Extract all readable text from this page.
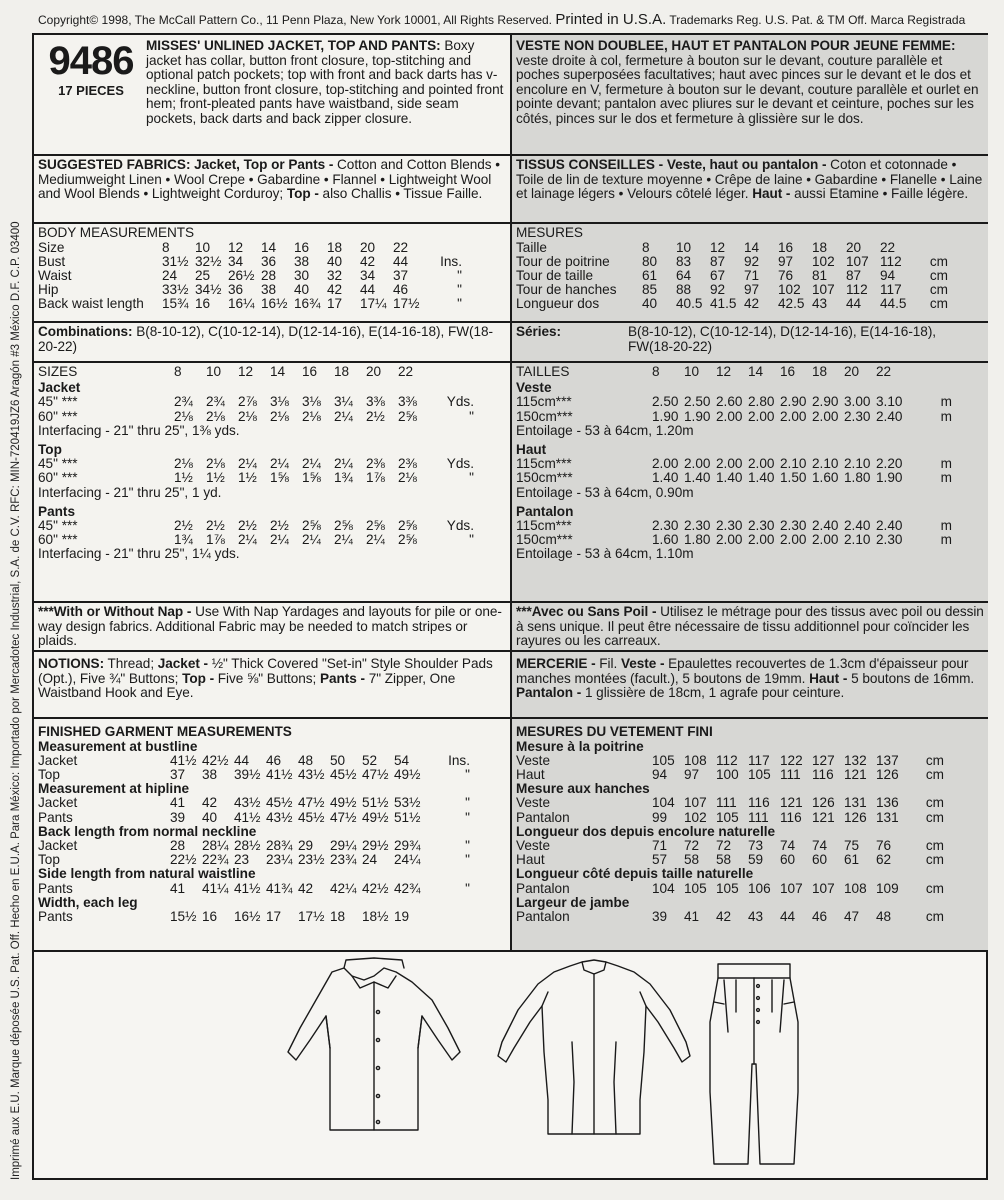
Copyright© 1998, The McCall Pattern Co., 11 Penn Plaza, New York 10001, All Rights Reserved. Printed in U.S.A. Trademarks Reg. U.S. Pat. & TM Off. Marca Registrada
Imprimé aux E.U. Marque déposée U.S. Pat. Off. Hecho en E.U.A. Para México: Importado por Mercadotec Industrial, S.A. de C.V. RFC: MIN-720419JZ6 Aragón #3 México D.F. C.P. 03400
9486
17 PIECES
MISSES' UNLINED JACKET, TOP AND PANTS: Boxy jacket has collar, button front closure, top-stitching and optional patch pockets; top with front and back darts has v-neckline, button front closure, top-stitching and pointed front hem; front-pleated pants have waistband, side seam pockets, back darts and back zipper closure.
SUGGESTED FABRICS: Jacket, Top or Pants - Cotton and Cotton Blends • Mediumweight Linen • Wool Crepe • Gabardine • Flannel • Lightweight Wool and Wool Blends • Lightweight Corduroy; Top - also Challis • Tissue Faille.
BODY MEASUREMENTS
Size	8	10	12	14	16	18	20	22	
Bust	31½	32½	34	36	38	40	42	44	Ins.
Waist	24	25	26½	28	30	32	34	37	"
Hip	33½	34½	36	38	40	42	44	46	"
Back waist length	15¾	16	16¼	16½	16¾	17	17¼	17½	"
Combinations: B(8-10-12), C(10-12-14), D(12-14-16), E(14-16-18), FW(18-20-22)
SIZES	8	10	12	14	16	18	20	22	

Jacket									
45" ***	2¾	2¾	2⅞	3⅛	3⅛	3¼	3⅜	3⅜	Yds.
60" ***	2⅛	2⅛	2⅛	2⅛	2⅛	2¼	2½	2⅝	"
Interfacing - 21" thru 25", 1⅜ yds.									

Top									
45" ***	2⅛	2⅛	2¼	2¼	2¼	2¼	2⅜	2⅜	Yds.
60" ***	1½	1½	1½	1⅝	1⅝	1¾	1⅞	2⅛	"
Interfacing - 21" thru 25", 1 yd.									

Pants									
45" ***	2½	2½	2½	2½	2⅝	2⅝	2⅝	2⅝	Yds.
60" ***	1¾	1⅞	2¼	2¼	2¼	2¼	2¼	2⅝	"
Interfacing - 21" thru 25", 1¼ yds.									
***With or Without Nap - Use With Nap Yardages and layouts for pile or one-way design fabrics. Additional Fabric may be needed to match stripes or plaids.
NOTIONS: Thread; Jacket - ½" Thick Covered "Set-in" Style Shoulder Pads (Opt.), Five ¾" Buttons; Top - Five ⅝" Buttons; Pants - 7" Zipper, One Waistband Hook and Eye.
FINISHED GARMENT MEASUREMENTS
Measurement at bustline									
Jacket	41½	42½	44	46	48	50	52	54	Ins.
Top	37	38	39½	41½	43½	45½	47½	49½	"
Measurement at hipline									
Jacket	41	42	43½	45½	47½	49½	51½	53½	"
Pants	39	40	41½	43½	45½	47½	49½	51½	"
Back length from normal neckline									
Jacket	28	28¼	28½	28¾	29	29¼	29½	29¾	"
Top	22½	22¾	23	23¼	23½	23¾	24	24¼	"
Side length from natural waistline									
Pants	41	41¼	41½	41¾	42	42¼	42½	42¾	"
Width, each leg									
Pants	15½	16	16½	17	17½	18	18½	19	
VESTE NON DOUBLEE, HAUT ET PANTALON POUR JEUNE FEMME: veste droite à col, fermeture à bouton sur le devant, couture parallèle et poches superposées facultatives; haut avec pinces sur le devant et le dos et encolure en V, fermeture à bouton sur le devant, couture parallèle et ourlet en pointe devant; pantalon avec pliures sur le devant et ceinture, poches sur les côtés, pinces sur le dos et fermeture à glissière sur le dos.
TISSUS CONSEILLES - Veste, haut ou pantalon - Coton et cotonnade • Toile de lin de texture moyenne • Crêpe de laine • Gabardine • Flanelle • Laine et lainage légers • Velours côtelé léger. Haut - aussi Etamine • Faille légère.
MESURES
Taille	8	10	12	14	16	18	20	22	
Tour de poitrine	80	83	87	92	97	102	107	112	cm
Tour de taille	61	64	67	71	76	81	87	94	cm
Tour de hanches	85	88	92	97	102	107	112	117	cm
Longueur dos	40	40.5	41.5	42	42.5	43	44	44.5	cm
Séries:	B(8-10-12), C(10-12-14), D(12-14-16), E(14-16-18), FW(18-20-22)
TAILLES	8	10	12	14	16	18	20	22	

Veste									
115cm***	2.50	2.50	2.60	2.80	2.90	2.90	3.00	3.10	m
150cm***	1.90	1.90	2.00	2.00	2.00	2.00	2.30	2.40	m
Entoilage - 53 à 64cm, 1.20m									

Haut									
115cm***	2.00	2.00	2.00	2.00	2.10	2.10	2.10	2.20	m
150cm***	1.40	1.40	1.40	1.40	1.50	1.60	1.80	1.90	m
Entoilage - 53 à 64cm, 0.90m									

Pantalon									
115cm***	2.30	2.30	2.30	2.30	2.30	2.40	2.40	2.40	m
150cm***	1.60	1.80	2.00	2.00	2.00	2.00	2.10	2.30	m
Entoilage - 53 à 64cm, 1.10m									
***Avec ou Sans Poil - Utilisez le métrage pour des tissus avec poil ou dessin à sens unique. Il peut être nécessaire de tissu additionnel pour coïncider les rayures ou les carreaux.
MERCERIE - Fil. Veste - Epaulettes recouvertes de 1.3cm d'épaisseur pour manches montées (facult.), 5 boutons de 19mm. Haut - 5 boutons de 16mm. Pantalon - 1 glissière de 18cm, 1 agrafe pour ceinture.
MESURES DU VETEMENT FINI
Mesure à la poitrine									
Veste	105	108	112	117	122	127	132	137	cm
Haut	94	97	100	105	111	116	121	126	cm
Mesure aux hanches									
Veste	104	107	111	116	121	126	131	136	cm
Pantalon	99	102	105	111	116	121	126	131	cm
Longueur dos depuis encolure naturelle									
Veste	71	72	72	73	74	74	75	76	cm
Haut	57	58	58	59	60	60	61	62	cm
Longueur côté depuis taille naturelle									
Pantalon	104	105	105	106	107	107	108	109	cm
Largeur de jambe									
Pantalon	39	41	42	43	44	46	47	48	cm
